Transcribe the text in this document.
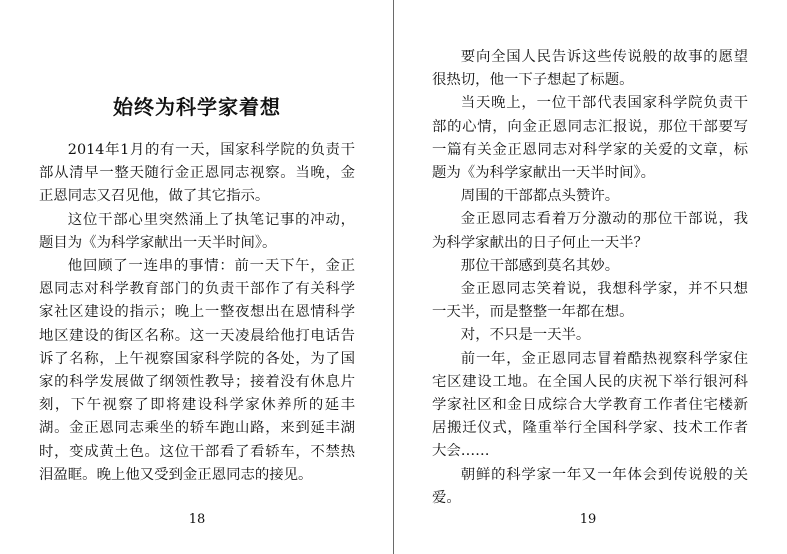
始终为科学家着想

2014年1月的有一天，国家科学院的负责干部从清早一整天随行金正恩同志视察。当晚，金正恩同志又召见他，做了其它指示。

这位干部心里突然涌上了执笔记事的冲动，题目为《为科学家献出一天半时间》。

他回顾了一连串的事情：前一天下午，金正恩同志对科学教育部门的负责干部作了有关科学家社区建设的指示；晚上一整夜想出在恩情科学地区建设的街区名称。这一天凌晨给他打电话告诉了名称，上午视察国家科学院的各处，为了国家的科学发展做了纲领性教导；接着没有休息片刻，下午视察了即将建设科学家休养所的延丰湖。金正恩同志乘坐的轿车跑山路，来到延丰湖时，变成黄土色。这位干部看了看轿车，不禁热泪盈眶。晚上他又受到金正恩同志的接见。

18

要向全国人民告诉这些传说般的故事的愿望很热切，他一下子想起了标题。

当天晚上，一位干部代表国家科学院负责干部的心情，向金正恩同志汇报说，那位干部要写一篇有关金正恩同志对科学家的关爱的文章，标题为《为科学家献出一天半时间》。

周围的干部都点头赞许。

金正恩同志看着万分激动的那位干部说，我为科学家献出的日子何止一天半？

那位干部感到莫名其妙。

金正恩同志笑着说，我想科学家，并不只想一天半，而是整整一年都在想。

对，不只是一天半。

前一年，金正恩同志冒着酷热视察科学家住宅区建设工地。在全国人民的庆祝下举行银河科学家社区和金日成综合大学教育工作者住宅楼新居搬迁仪式，隆重举行全国科学家、技术工作者大会……

朝鲜的科学家一年又一年体会到传说般的关爱。

19
